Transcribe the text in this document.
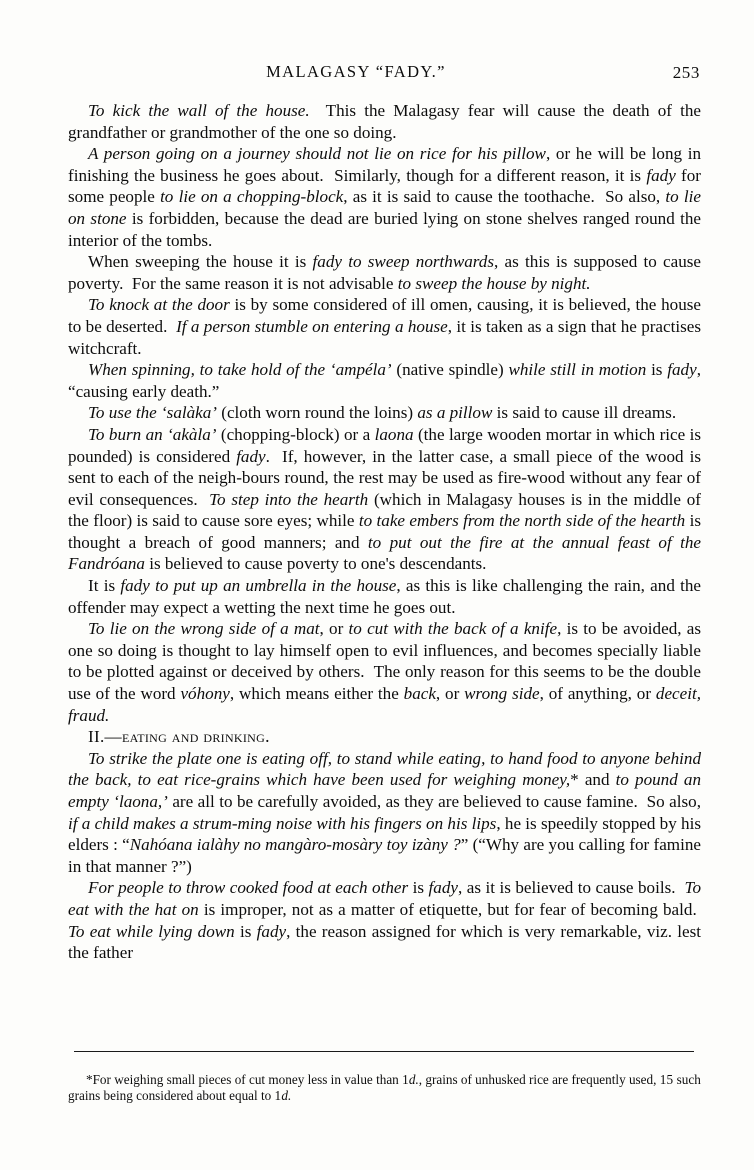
MALAGASY “FADY.”	253

To kick the wall of the house.  This the Malagasy fear will cause the death of the grandfather or grandmother of the one so doing.

A person going on a journey should not lie on rice for his pillow, or he will be long in finishing the business he goes about.  Similarly, though for a different reason, it is fady for some people to lie on a chopping-block, as it is said to cause the toothache.  So also, to lie on stone is forbidden, because the dead are buried lying on stone shelves ranged round the interior of the tombs.

When sweeping the house it is fady to sweep northwards, as this is supposed to cause poverty.  For the same reason it is not advisable to sweep the house by night.

To knock at the door is by some considered of ill omen, causing, it is believed, the house to be deserted.  If a person stumble on entering a house, it is taken as a sign that he practises witchcraft.

When spinning, to take hold of the ‘ampéla’ (native spindle) while still in motion is fady, “causing early death.”

To use the ‘salàka’ (cloth worn round the loins) as a pillow is said to cause ill dreams.

To burn an ‘akàla’ (chopping-block) or a laona (the large wooden mortar in which rice is pounded) is considered fady.  If, however, in the latter case, a small piece of the wood is sent to each of the neigh-bours round, the rest may be used as fire-wood without any fear of evil consequences.  To step into the hearth (which in Malagasy houses is in the middle of the floor) is said to cause sore eyes; while to take embers from the north side of the hearth is thought a breach of good manners; and to put out the fire at the annual feast of the Fandróana is believed to cause poverty to one's descendants.

It is fady to put up an umbrella in the house, as this is like challenging the rain, and the offender may expect a wetting the next time he goes out.

To lie on the wrong side of a mat, or to cut with the back of a knife, is to be avoided, as one so doing is thought to lay himself open to evil influences, and becomes specially liable to be plotted against or deceived by others.  The only reason for this seems to be the double use of the word vóhony, which means either the back, or wrong side, of anything, or deceit, fraud.

II.—eating and drinking.

To strike the plate one is eating off, to stand while eating, to hand food to anyone behind the back, to eat rice-grains which have been used for weighing money,* and to pound an empty ‘laona,’ are all to be carefully avoided, as they are believed to cause famine.  So also, if a child makes a strum-ming noise with his fingers on his lips, he is speedily stopped by his elders : “Nahóana ialàhy no mangàro-mosàry toy izàny ?” (“Why are you calling for famine in that manner ?”)

For people to throw cooked food at each other is fady, as it is believed to cause boils.  To eat with the hat on is improper, not as a matter of etiquette, but for fear of becoming bald.  To eat while lying down is fady, the reason assigned for which is very remarkable, viz. lest the father

*For weighing small pieces of cut money less in value than 1d., grains of unhusked rice are frequently used, 15 such grains being considered about equal to 1d.
